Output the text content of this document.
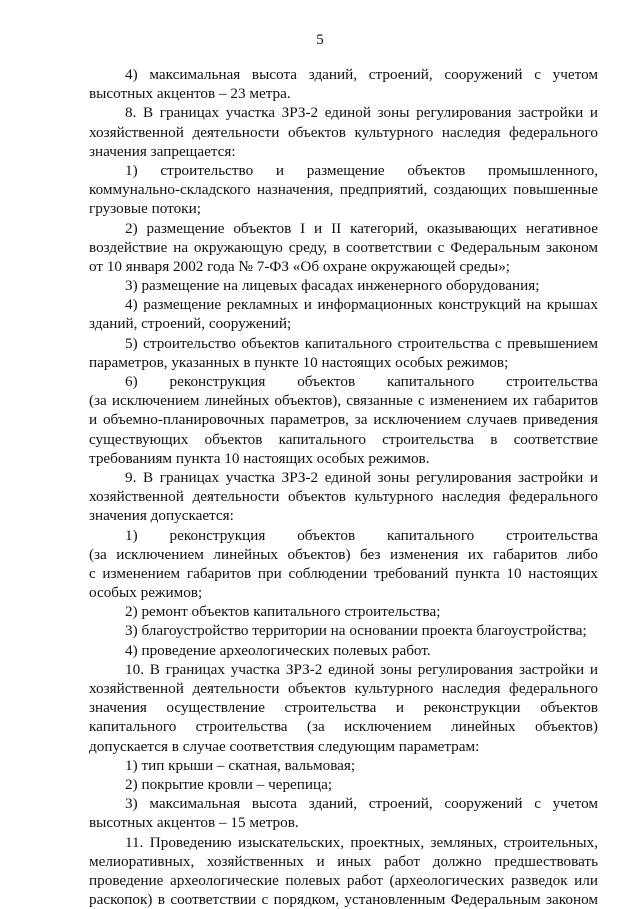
5
4) максимальная высота зданий, строений, сооружений с учетом
высотных акцентов – 23 метра.
8. В границах участка ЗРЗ-2 единой зоны регулирования застройки и
хозяйственной деятельности объектов культурного наследия федерального
значения запрещается:
1) строительство и размещение объектов промышленного,
коммунально-складского назначения, предприятий, создающих повышенные
грузовые потоки;
2) размещение объектов I и II категорий, оказывающих негативное
воздействие на окружающую среду, в соответствии с Федеральным законом
от 10 января 2002 года № 7-ФЗ «Об охране окружающей среды»;
3) размещение на лицевых фасадах инженерного оборудования;
4) размещение рекламных и информационных конструкций на крышах
зданий, строений, сооружений;
5) строительство объектов капитального строительства с превышением
параметров, указанных в пункте 10 настоящих особых режимов;
6) реконструкция объектов капитального строительства
(за исключением линейных объектов), связанные с изменением их габаритов
и объемно-планировочных параметров, за исключением случаев приведения
существующих объектов капитального строительства в соответствие
требованиям пункта 10 настоящих особых режимов.
9. В границах участка ЗРЗ-2 единой зоны регулирования застройки и
хозяйственной деятельности объектов культурного наследия федерального
значения допускается:
1) реконструкция объектов капитального строительства
(за исключением линейных объектов) без изменения их габаритов либо
с изменением габаритов при соблюдении требований пункта 10 настоящих
особых режимов;
2) ремонт объектов капитального строительства;
3) благоустройство территории на основании проекта благоустройства;
4) проведение археологических полевых работ.
10. В границах участка ЗРЗ-2 единой зоны регулирования застройки и
хозяйственной деятельности объектов культурного наследия федерального
значения осуществление строительства и реконструкции объектов
капитального строительства (за исключением линейных объектов)
допускается в случае соответствия следующим параметрам:
1) тип крыши – скатная, вальмовая;
2) покрытие кровли – черепица;
3) максимальная высота зданий, строений, сооружений с учетом
высотных акцентов – 15 метров.
11. Проведению изыскательских, проектных, земляных, строительных,
мелиоративных, хозяйственных и иных работ должно предшествовать
проведение археологические полевых работ (археологических разведок или
раскопок) в соответствии с порядком, установленным Федеральным законом
